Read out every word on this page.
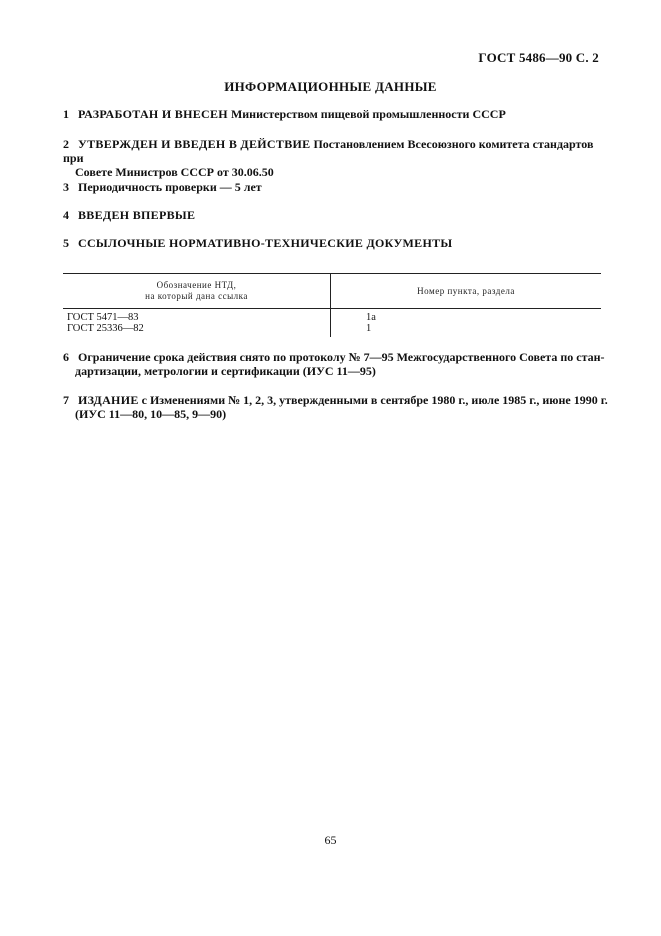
ГОСТ 5486—90 С. 2
ИНФОРМАЦИОННЫЕ ДАННЫЕ
1 РАЗРАБОТАН И ВНЕСЕН Министерством пищевой промышленности СССР
2 УТВЕРЖДЕН И ВВЕДЕН В ДЕЙСТВИЕ Постановлением Всесоюзного комитета стандартов при
Совете Министров СССР от 30.06.50
3 Периодичность проверки — 5 лет
4 ВВЕДЕН ВПЕРВЫЕ
5 ССЫЛОЧНЫЕ НОРМАТИВНО-ТЕХНИЧЕСКИЕ ДОКУМЕНТЫ
Обозначение НТД,
на который дана ссылка	Номер пункта, раздела
ГОСТ 5471—83	1а
ГОСТ 25336—82	1
6 Ограничение срока действия снято по протоколу № 7—95 Межгосударственного Совета по стан-
дартизации, метрологии и сертификации (ИУС 11—95)
7 ИЗДАНИЕ с Изменениями № 1, 2, 3, утвержденными в сентябре 1980 г., июле 1985 г., июне 1990 г.
(ИУС 11—80, 10—85, 9—90)
65
